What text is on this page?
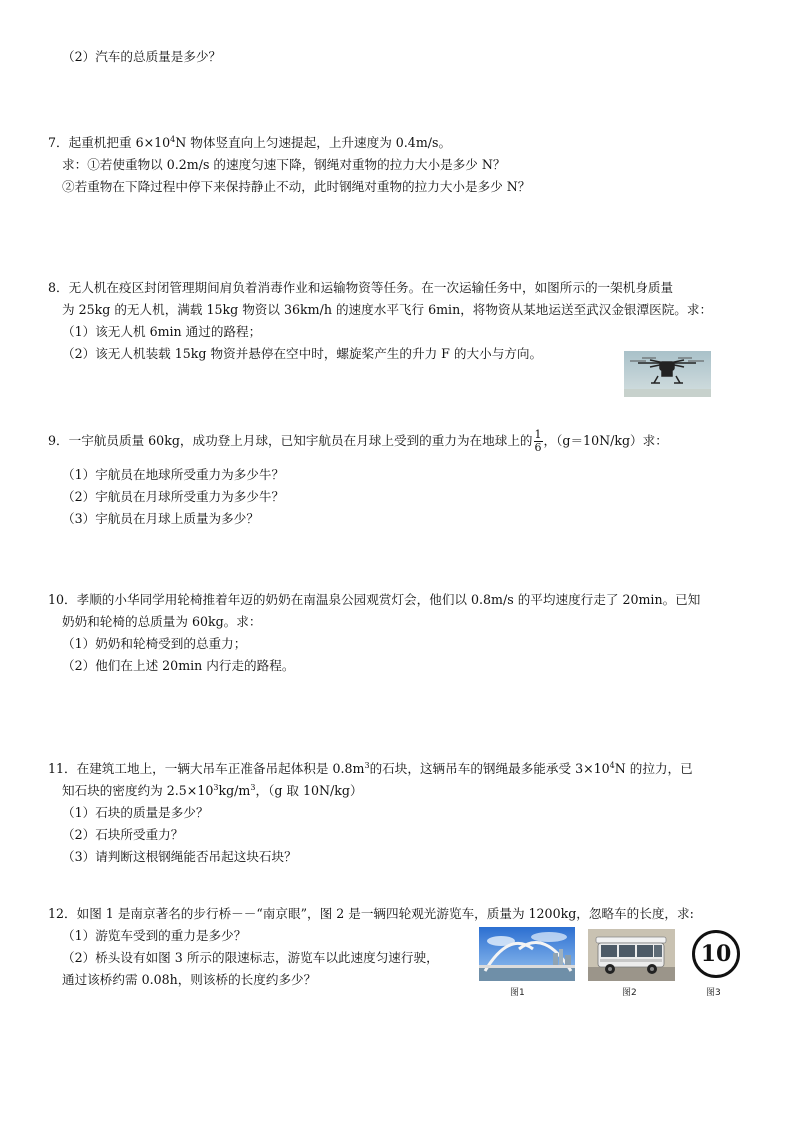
（2）汽车的总质量是多少？
7．起重机把重 $6\times 10^4N$ 物体竖直向上匀速提起，上升速度为 0.4m/s。
求：①若使重物以 0.2m/s 的速度匀速下降，钢绳对重物的拉力大小是多少 N？
②若重物在下降过程中停下来保持静止不动，此时钢绳对重物的拉力大小是多少 N？
8．无人机在疫区封闭管理期间肩负着消毒作业和运输物资等任务。在一次运输任务中，如图所示的一架机身质量
为 25kg 的无人机，满载 15kg 物资以 36km/h 的速度水平飞行 6min，将物资从某地运送至武汉金银潭医院。求：
（1）该无人机 6min 通过的路程；
（2）该无人机装载 15kg 物资并悬停在空中时，螺旋桨产生的升力 F 的大小与方向。
9．一宇航员质量 60kg，成功登上月球，已知宇航员在月球上受到的重力为在地球上的 $\frac{1}{6}$ ，（g＝10N/kg）求：
（1）宇航员在地球所受重力为多少牛？
（2）宇航员在月球所受重力为多少牛？
（3）宇航员在月球上质量为多少？
10．孝顺的小华同学用轮椅推着年迈的奶奶在南温泉公园观赏灯会，他们以 0.8m/s 的平均速度行走了 20min。已知
奶奶和轮椅的总质量为 60kg。求：
（1）奶奶和轮椅受到的总重力；
（2）他们在上述 20min 内行走的路程。
11．在建筑工地上，一辆大吊车正准备吊起体积是 $0.8m^3$的石块，这辆吊车的钢绳最多能承受 $3\times 10^4N$ 的拉力，已
知石块的密度约为 $2.5\times 10^3kg/m^3$，（g 取 10N/kg）
（1）石块的质量是多少？
（2）石块所受重力？
（3）请判断这根钢绳能否吊起这块石块？
12．如图 1 是南京著名的步行桥－－“南京眼”，图 2 是一辆四轮观光游览车，质量为 1200kg，忽略车的长度，求:
（1）游览车受到的重力是多少？
（2）桥头设有如图 3 所示的限速标志，游览车以此速度匀速行驶，
通过该桥约需 0.08h，则该桥的长度约多少？
图1	图2
10
图3
